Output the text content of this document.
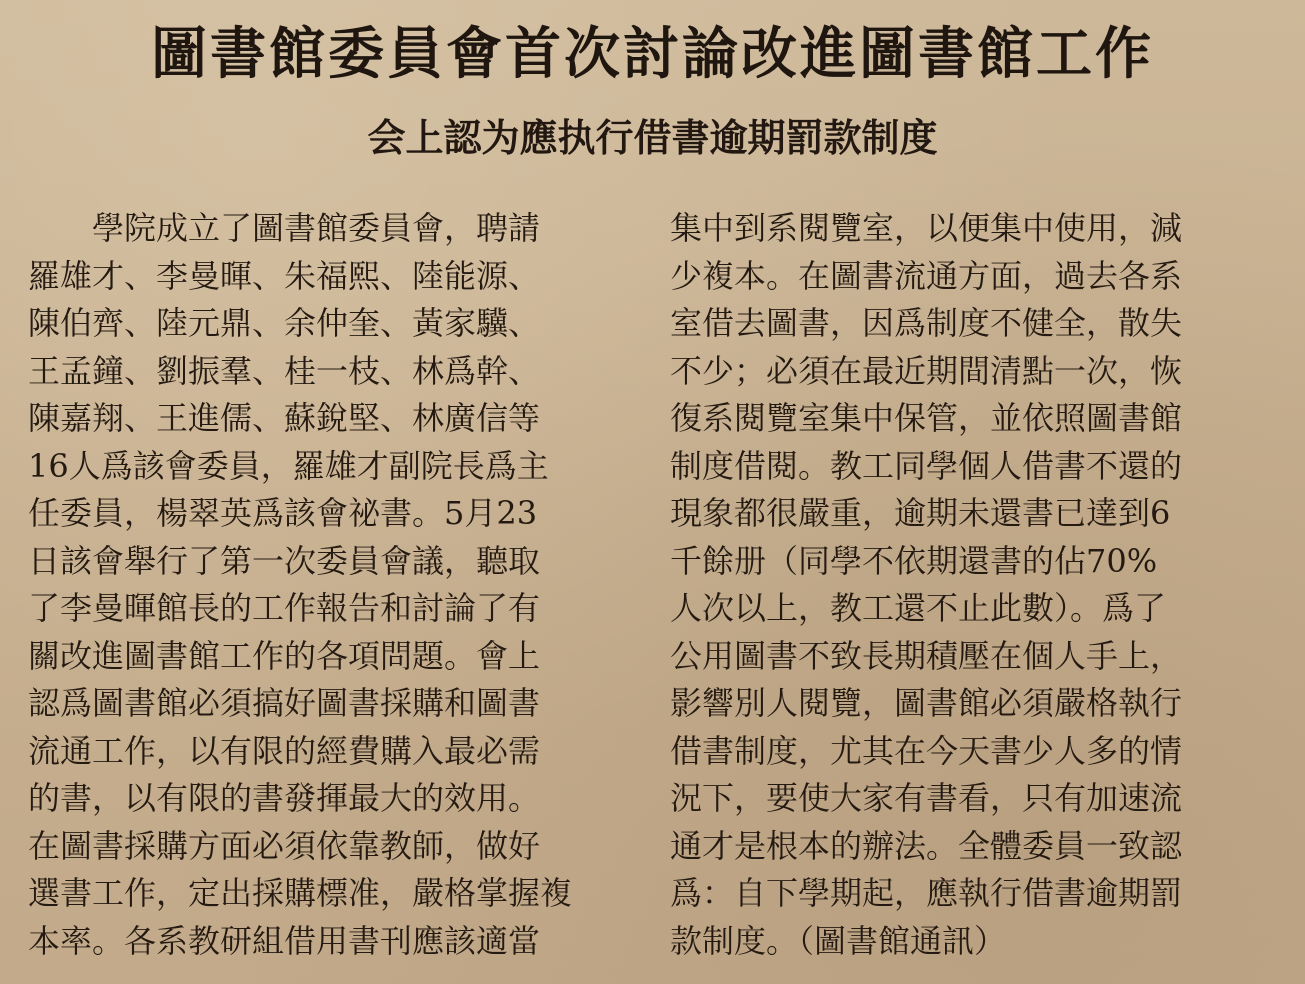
圖書館委員會首次討論改進圖書館工作
会上認为應执行借書逾期罰款制度
學院成立了圖書館委員會，聘請
羅雄才、李曼暉、朱福熙、陸能源、
陳伯齊、陸元鼎、余仲奎、黃家驥、
王孟鐘、劉振羣、桂一枝、林爲幹、
陳嘉翔、王進儒、蘇銳堅、林廣信等
16人爲該會委員，羅雄才副院長爲主
任委員，楊翠英爲該會祕書。5月23
日該會舉行了第一次委員會議，聽取
了李曼暉館長的工作報告和討論了有
關改進圖書館工作的各項問題。會上
認爲圖書館必須搞好圖書採購和圖書
流通工作，以有限的經費購入最必需
的書，以有限的書發揮最大的效用。
在圖書採購方面必須依靠教師，做好
選書工作，定出採購標准，嚴格掌握複
本率。各系教研組借用書刊應該適當
集中到系閱覽室，以便集中使用，減
少複本。在圖書流通方面，過去各系
室借去圖書，因爲制度不健全，散失
不少；必須在最近期間清點一次，恢
復系閱覽室集中保管，並依照圖書館
制度借閱。教工同學個人借書不還的
現象都很嚴重，逾期未還書已達到6
千餘册（同學不依期還書的佔70%
人次以上，教工還不止此數）。爲了
公用圖書不致長期積壓在個人手上，
影響別人閱覽，圖書館必須嚴格執行
借書制度，尤其在今天書少人多的情
況下，要使大家有書看，只有加速流
通才是根本的辦法。全體委員一致認
爲：自下學期起，應執行借書逾期罰
款制度。（圖書館通訊）
